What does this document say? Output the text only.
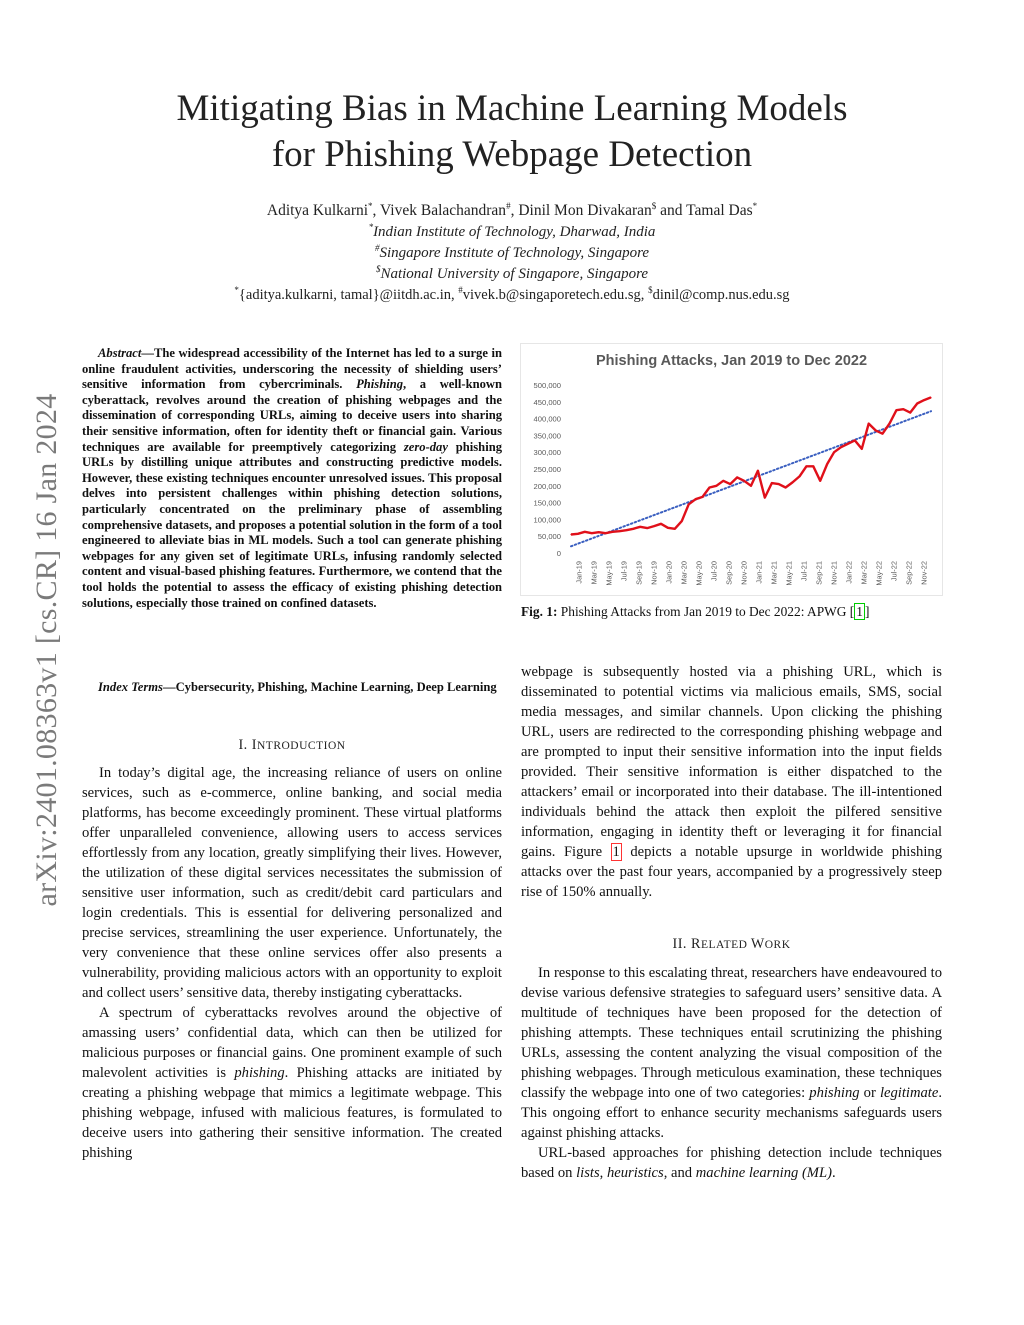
Mitigating Bias in Machine Learning Models
for Phishing Webpage Detection
Aditya Kulkarni*, Vivek Balachandran#, Dinil Mon Divakaran$ and Tamal Das*
*Indian Institute of Technology, Dharwad, India
#Singapore Institute of Technology, Singapore
$National University of Singapore, Singapore
*{aditya.kulkarni, tamal}@iitdh.ac.in, #vivek.b@singaporetech.edu.sg, $dinil@comp.nus.edu.sg
arXiv:2401.08363v1 [cs.CR] 16 Jan 2024
Abstract—The widespread accessibility of the Internet has led to a surge in online fraudulent activities, underscoring the necessity of shielding users’ sensitive information from cybercriminals. Phishing, a well-known cyberattack, revolves around the creation of phishing webpages and the dissemination of corresponding URLs, aiming to deceive users into sharing their sensitive information, often for identity theft or financial gain. Various techniques are available for preemptively categorizing zero-day phishing URLs by distilling unique attributes and constructing predictive models. However, these existing techniques encounter unresolved issues. This proposal delves into persistent challenges within phishing detection solutions, particularly concentrated on the preliminary phase of assembling comprehensive datasets, and proposes a potential solution in the form of a tool engineered to alleviate bias in ML models. Such a tool can generate phishing webpages for any given set of legitimate URLs, infusing randomly selected content and visual-based phishing features. Furthermore, we contend that the tool holds the potential to assess the efficacy of existing phishing detection solutions, especially those trained on confined datasets.
Index Terms—Cybersecurity, Phishing, Machine Learning, Deep Learning
I. INTRODUCTION

In today’s digital age, the increasing reliance of users on online services, such as e-commerce, online banking, and social media platforms, has become exceedingly prominent. These virtual platforms offer unparalleled convenience, allowing users to access services effortlessly from any location, greatly simplifying their lives. However, the utilization of these digital services necessitates the submission of sensitive user information, such as credit/debit card particulars and login credentials. This is essential for delivering personalized and precise services, streamlining the user experience. Unfortunately, the very convenience that these online services offer also presents a vulnerability, providing malicious actors with an opportunity to exploit and collect users’ sensitive data, thereby instigating cyberattacks.

A spectrum of cyberattacks revolves around the objective of amassing users’ confidential data, which can then be utilized for malicious purposes or financial gains. One prominent example of such malevolent activities is phishing. Phishing attacks are initiated by creating a phishing webpage that mimics a legitimate webpage. This phishing webpage, infused with malicious features, is formulated to deceive users into gathering their sensitive information. The created phishing

Phishing Attacks, Jan 2019 to Dec 2022
0
50,000
100,000
150,000
200,000
250,000
300,000
350,000
400,000
450,000
500,000
Jan-19 Mar-19 May-19 Jul-19 Sep-19 Nov-19 Jan-20 Mar-20 May-20 Jul-20 Sep-20 Nov-20 Jan-21 Mar-21 May-21 Jul-21 Sep-21 Nov-21 Jan-22 Mar-22 May-22 Jul-22 Sep-22 Nov-22
Fig. 1: Phishing Attacks from Jan 2019 to Dec 2022: APWG [ 1 ]

webpage is subsequently hosted via a phishing URL, which is disseminated to potential victims via malicious emails, SMS, social media messages, and similar channels. Upon clicking the phishing URL, users are redirected to the corresponding phishing webpage and are prompted to input their sensitive information into the input fields provided. Their sensitive information is either dispatched to the attackers’ email or incorporated into their database. The ill-intentioned individuals behind the attack then exploit the pilfered sensitive information, engaging in identity theft or leveraging it for financial gains. Figure 1 depicts a notable upsurge in worldwide phishing attacks over the past four years, accompanied by a progressively steep rise of 150% annually.

II. RELATED WORK

In response to this escalating threat, researchers have endeavoured to devise various defensive strategies to safeguard users’ sensitive data. A multitude of techniques have been proposed for the detection of phishing attempts. These techniques entail scrutinizing the phishing URLs, assessing the content analyzing the visual composition of the phishing webpages. Through meticulous examination, these techniques classify the webpage into one of two categories: phishing or legitimate. This ongoing effort to enhance security mechanisms safeguards users against phishing attacks.

URL-based approaches for phishing detection include techniques based on lists, heuristics, and machine learning (ML).
